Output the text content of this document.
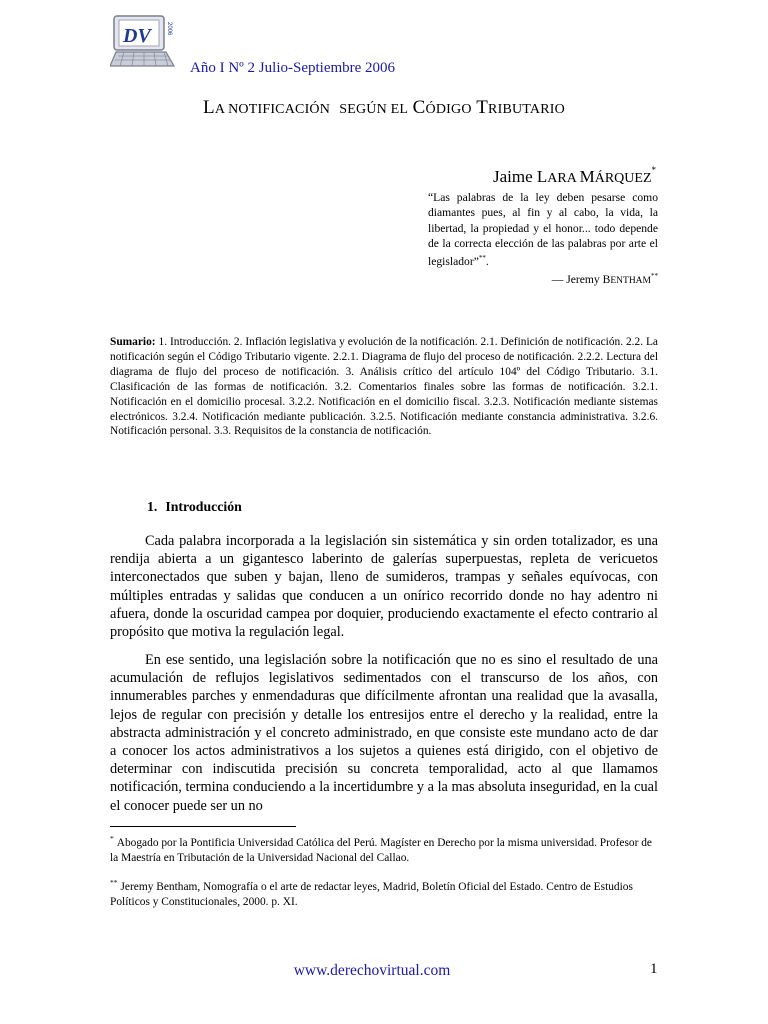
DV	2006
Año I Nº 2 Julio-Septiembre 2006
LA NOTIFICACIÓN SEGÚN EL CÓDIGO TRIBUTARIO
Jaime LARA MÁRQUEZ*
“Las palabras de la ley deben pesarse como diamantes pues, al fin y al cabo, la vida, la libertad, la propiedad y el honor... todo depende de la correcta elección de las palabras por arte el legislador”**.
— Jeremy BENTHAM**
Sumario: 1. Introducción. 2. Inflación legislativa y evolución de la notificación. 2.1. Definición de notificación. 2.2. La notificación según el Código Tributario vigente. 2.2.1. Diagrama de flujo del proceso de notificación. 2.2.2. Lectura del diagrama de flujo del proceso de notificación. 3. Análisis crítico del artículo 104º del Código Tributario. 3.1. Clasificación de las formas de notificación. 3.2. Comentarios finales sobre las formas de notificación. 3.2.1. Notificación en el domicilio procesal. 3.2.2. Notificación en el domicilio fiscal. 3.2.3. Notificación mediante sistemas electrónicos. 3.2.4. Notificación mediante publicación. 3.2.5. Notificación mediante constancia administrativa. 3.2.6. Notificación personal. 3.3. Requisitos de la constancia de notificación.
1. Introducción
Cada palabra incorporada a la legislación sin sistemática y sin orden totalizador, es una rendija abierta a un gigantesco laberinto de galerías superpuestas, repleta de vericuetos interconectados que suben y bajan, lleno de sumideros, trampas y señales equívocas, con múltiples entradas y salidas que conducen a un onírico recorrido donde no hay adentro ni afuera, donde la oscuridad campea por doquier, produciendo exactamente el efecto contrario al propósito que motiva la regulación legal.
En ese sentido, una legislación sobre la notificación que no es sino el resultado de una acumulación de reflujos legislativos sedimentados con el transcurso de los años, con innumerables parches y enmendaduras que difícilmente afrontan una realidad que la avasalla, lejos de regular con precisión y detalle los entresijos entre el derecho y la realidad, entre la abstracta administración y el concreto administrado, en que consiste este mundano acto de dar a conocer los actos administrativos a los sujetos a quienes está dirigido, con el objetivo de determinar con indiscutida precisión su concreta temporalidad, acto al que llamamos notificación, termina conduciendo a la incertidumbre y a la mas absoluta inseguridad, en la cual el conocer puede ser un no
* Abogado por la Pontificia Universidad Católica del Perú. Magíster en Derecho por la misma universidad. Profesor de la Maestría en Tributación de la Universidad Nacional del Callao.
** Jeremy Bentham, Nomografía o el arte de redactar leyes, Madrid, Boletín Oficial del Estado. Centro de Estudios Políticos y Constitucionales, 2000. p. XI.
www.derechovirtual.com	1
